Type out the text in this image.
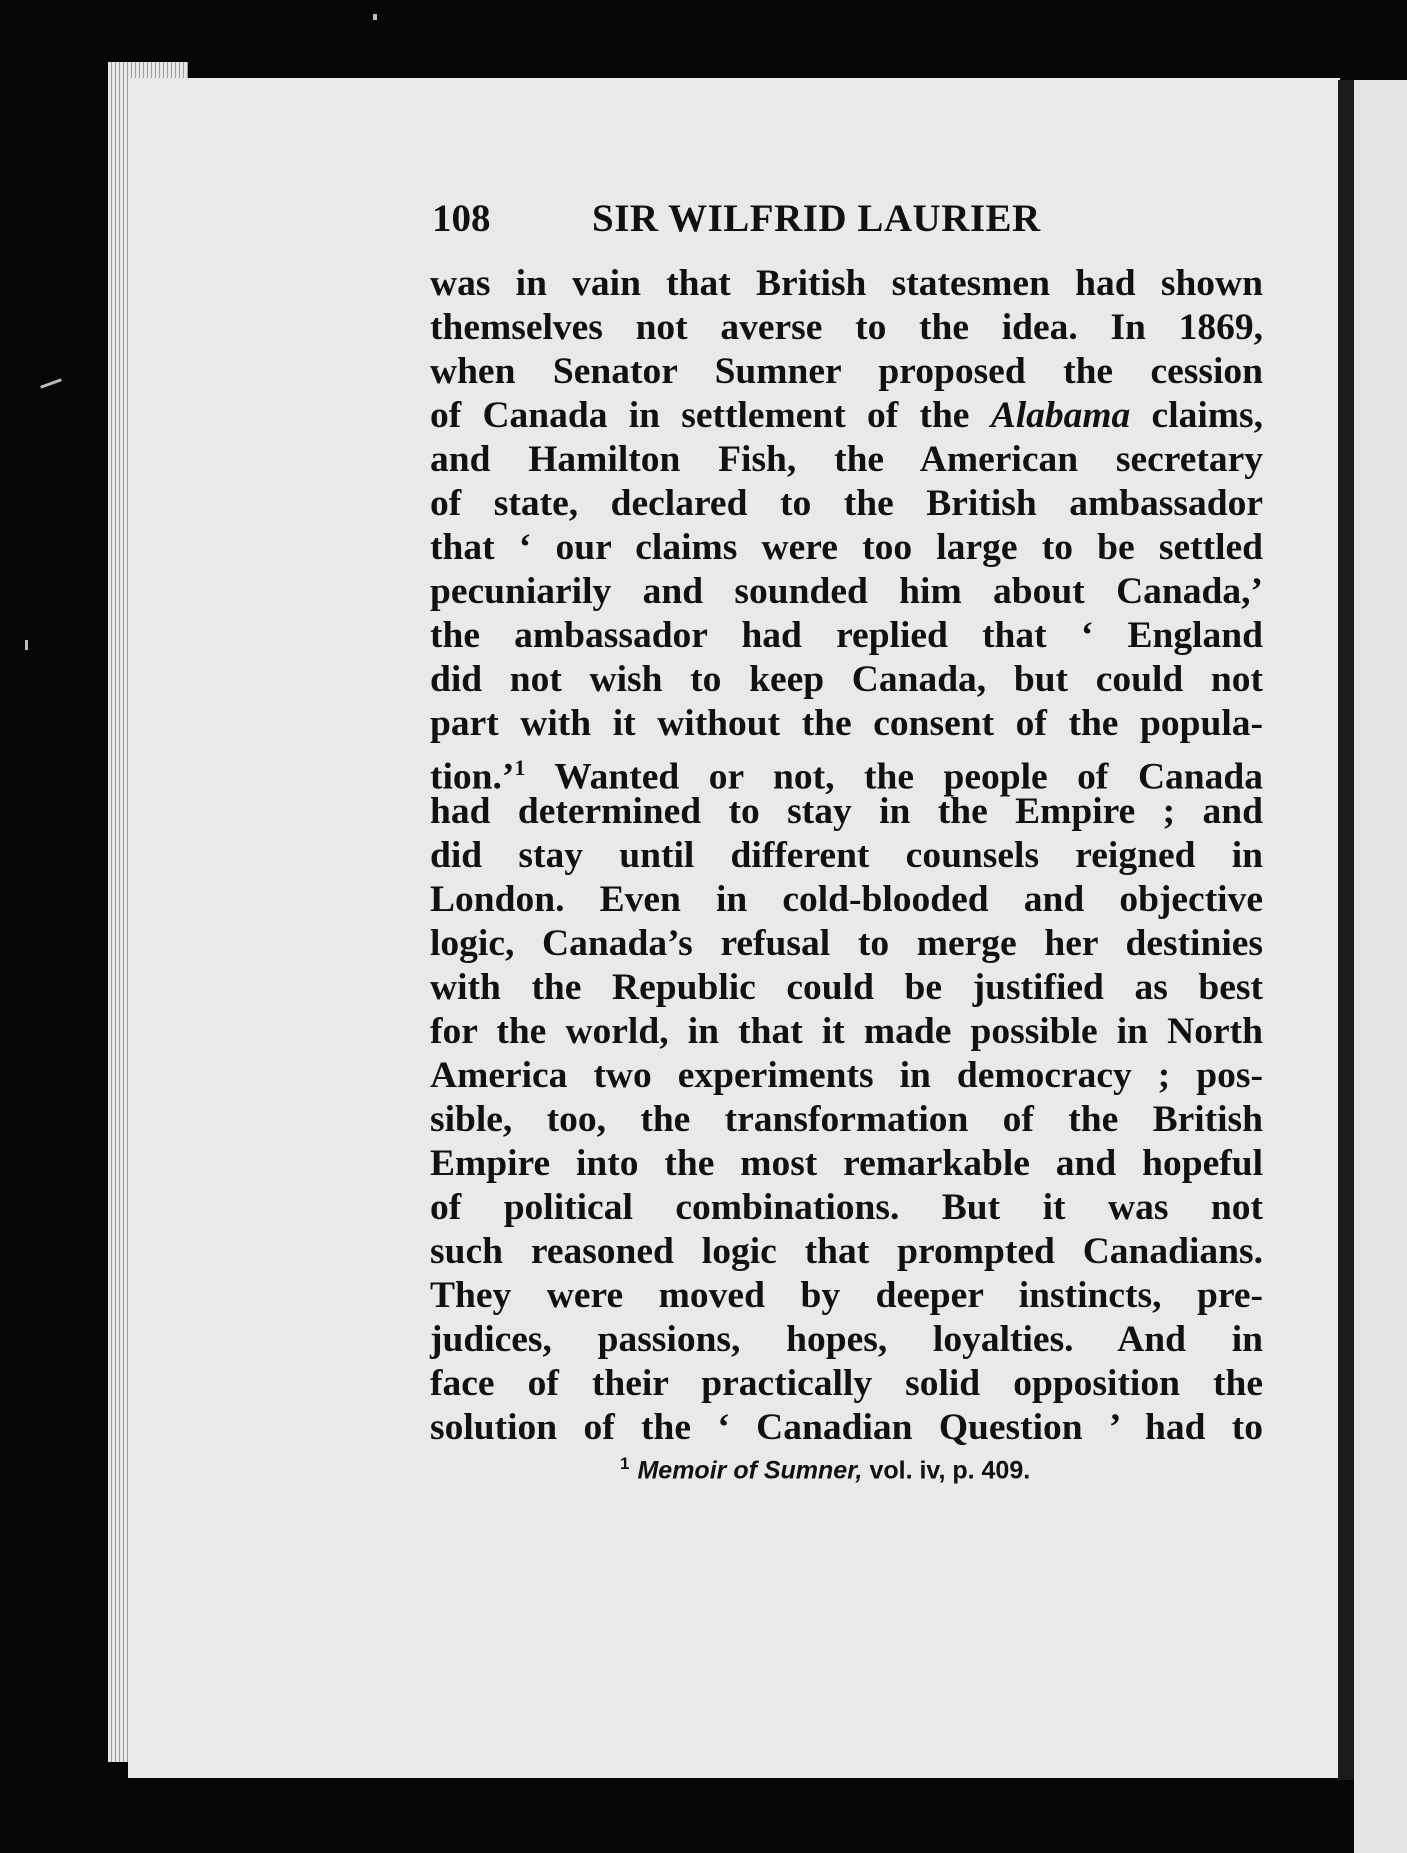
108	SIR WILFRID LAURIER
was in vain that British statesmen had shown
themselves not averse to the idea. In 1869,
when Senator Sumner proposed the cession
of Canada in settlement of the Alabama claims,
and Hamilton Fish, the American secretary
of state, declared to the British ambassador
that ‘ our claims were too large to be settled
pecuniarily and sounded him about Canada,’
the ambassador had replied that ‘ England
did not wish to keep Canada, but could not
part with it without the consent of the popula-
tion.’$^1$ Wanted or not, the people of Canada
had determined to stay in the Empire ; and
did stay until different counsels reigned in
London. Even in cold-blooded and objective
logic, Canada’s refusal to merge her destinies
with the Republic could be justified as best
for the world, in that it made possible in North
America two experiments in democracy ; pos-
sible, too, the transformation of the British
Empire into the most remarkable and hopeful
of political combinations. But it was not
such reasoned logic that prompted Canadians.
They were moved by deeper instincts, pre-
judices, passions, hopes, loyalties. And in
face of their practically solid opposition the
solution of the ‘ Canadian Question ’ had to
$^1$ Memoir of Sumner, vol. iv, p. 409.
